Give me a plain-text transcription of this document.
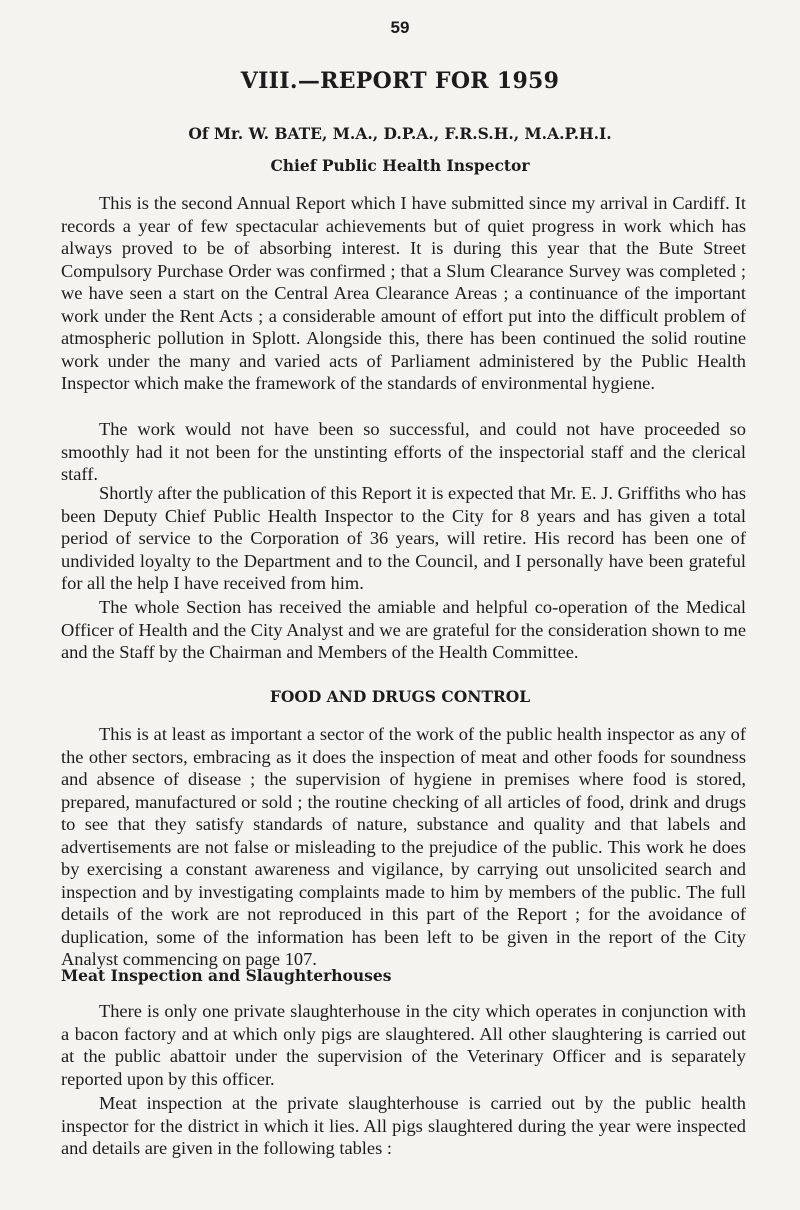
59
VIII.—REPORT FOR 1959
Of Mr. W. BATE, M.A., D.P.A., F.R.S.H., M.A.P.H.I.
Chief Public Health Inspector

This is the second Annual Report which I have submitted since my arrival in Cardiff. It records a year of few spectacular achievements but of quiet progress in work which has always proved to be of absorbing interest. It is during this year that the Bute Street Compulsory Purchase Order was confirmed ; that a Slum Clearance Survey was completed ; we have seen a start on the Central Area Clearance Areas ; a continuance of the important work under the Rent Acts ; a considerable amount of effort put into the difficult problem of atmospheric pollution in Splott. Alongside this, there has been continued the solid routine work under the many and varied acts of Parliament administered by the Public Health Inspector which make the framework of the standards of environmental hygiene.

The work would not have been so successful, and could not have proceeded so smoothly had it not been for the unstinting efforts of the inspectorial staff and the clerical staff.

Shortly after the publication of this Report it is expected that Mr. E. J. Griffiths who has been Deputy Chief Public Health Inspector to the City for 8 years and has given a total period of service to the Corporation of 36 years, will retire. His record has been one of undivided loyalty to the Department and to the Council, and I personally have been grateful for all the help I have received from him.

The whole Section has received the amiable and helpful co-operation of the Medical Officer of Health and the City Analyst and we are grateful for the consideration shown to me and the Staff by the Chairman and Members of the Health Committee.

FOOD AND DRUGS CONTROL

This is at least as important a sector of the work of the public health inspector as any of the other sectors, embracing as it does the inspection of meat and other foods for soundness and absence of disease ; the supervision of hygiene in premises where food is stored, prepared, manufactured or sold ; the routine checking of all articles of food, drink and drugs to see that they satisfy standards of nature, substance and quality and that labels and advertisements are not false or misleading to the prejudice of the public. This work he does by exercising a constant awareness and vigilance, by carrying out unsolicited search and inspection and by investigating complaints made to him by members of the public. The full details of the work are not reproduced in this part of the Report ; for the avoidance of duplication, some of the information has been left to be given in the report of the City Analyst commencing on page 107.

Meat Inspection and Slaughterhouses

There is only one private slaughterhouse in the city which operates in conjunction with a bacon factory and at which only pigs are slaughtered. All other slaughtering is carried out at the public abattoir under the supervision of the Veterinary Officer and is separately reported upon by this officer.

Meat inspection at the private slaughterhouse is carried out by the public health inspector for the district in which it lies. All pigs slaughtered during the year were inspected and details are given in the following tables :
